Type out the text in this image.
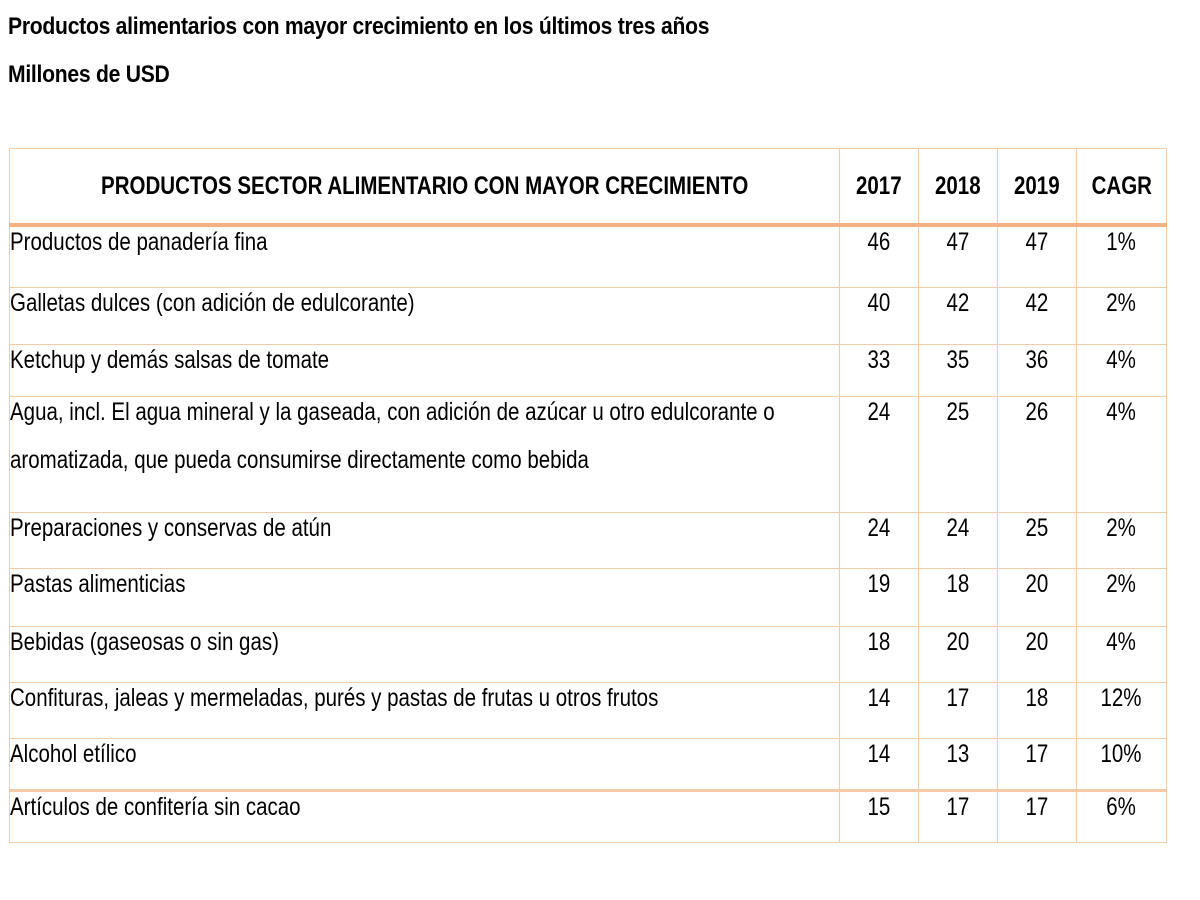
Productos alimentarios con mayor crecimiento en los últimos tres años
Millones de USD
PRODUCTOS SECTOR ALIMENTARIO CON MAYOR CRECIMIENTO	2017	2018	2019	CAGR
Productos de panadería fina	46	47	47	1%
Galletas dulces (con adición de edulcorante)	40	42	42	2%
Ketchup y demás salsas de tomate	33	35	36	4%

Agua, incl. El agua mineral y la gaseada, con adición de azúcar u otro edulcorante o aromatizada, que pueda consumirse directamente como bebida	24	25	26	4%
Preparaciones y conservas de atún	24	24	25	2%
Pastas alimenticias	19	18	20	2%
Bebidas (gaseosas o sin gas)	18	20	20	4%
Confituras, jaleas y mermeladas, purés y pastas de frutas u otros frutos	14	17	18	12%
Alcohol etílico	14	13	17	10%
Artículos de confitería sin cacao	15	17	17	6%
